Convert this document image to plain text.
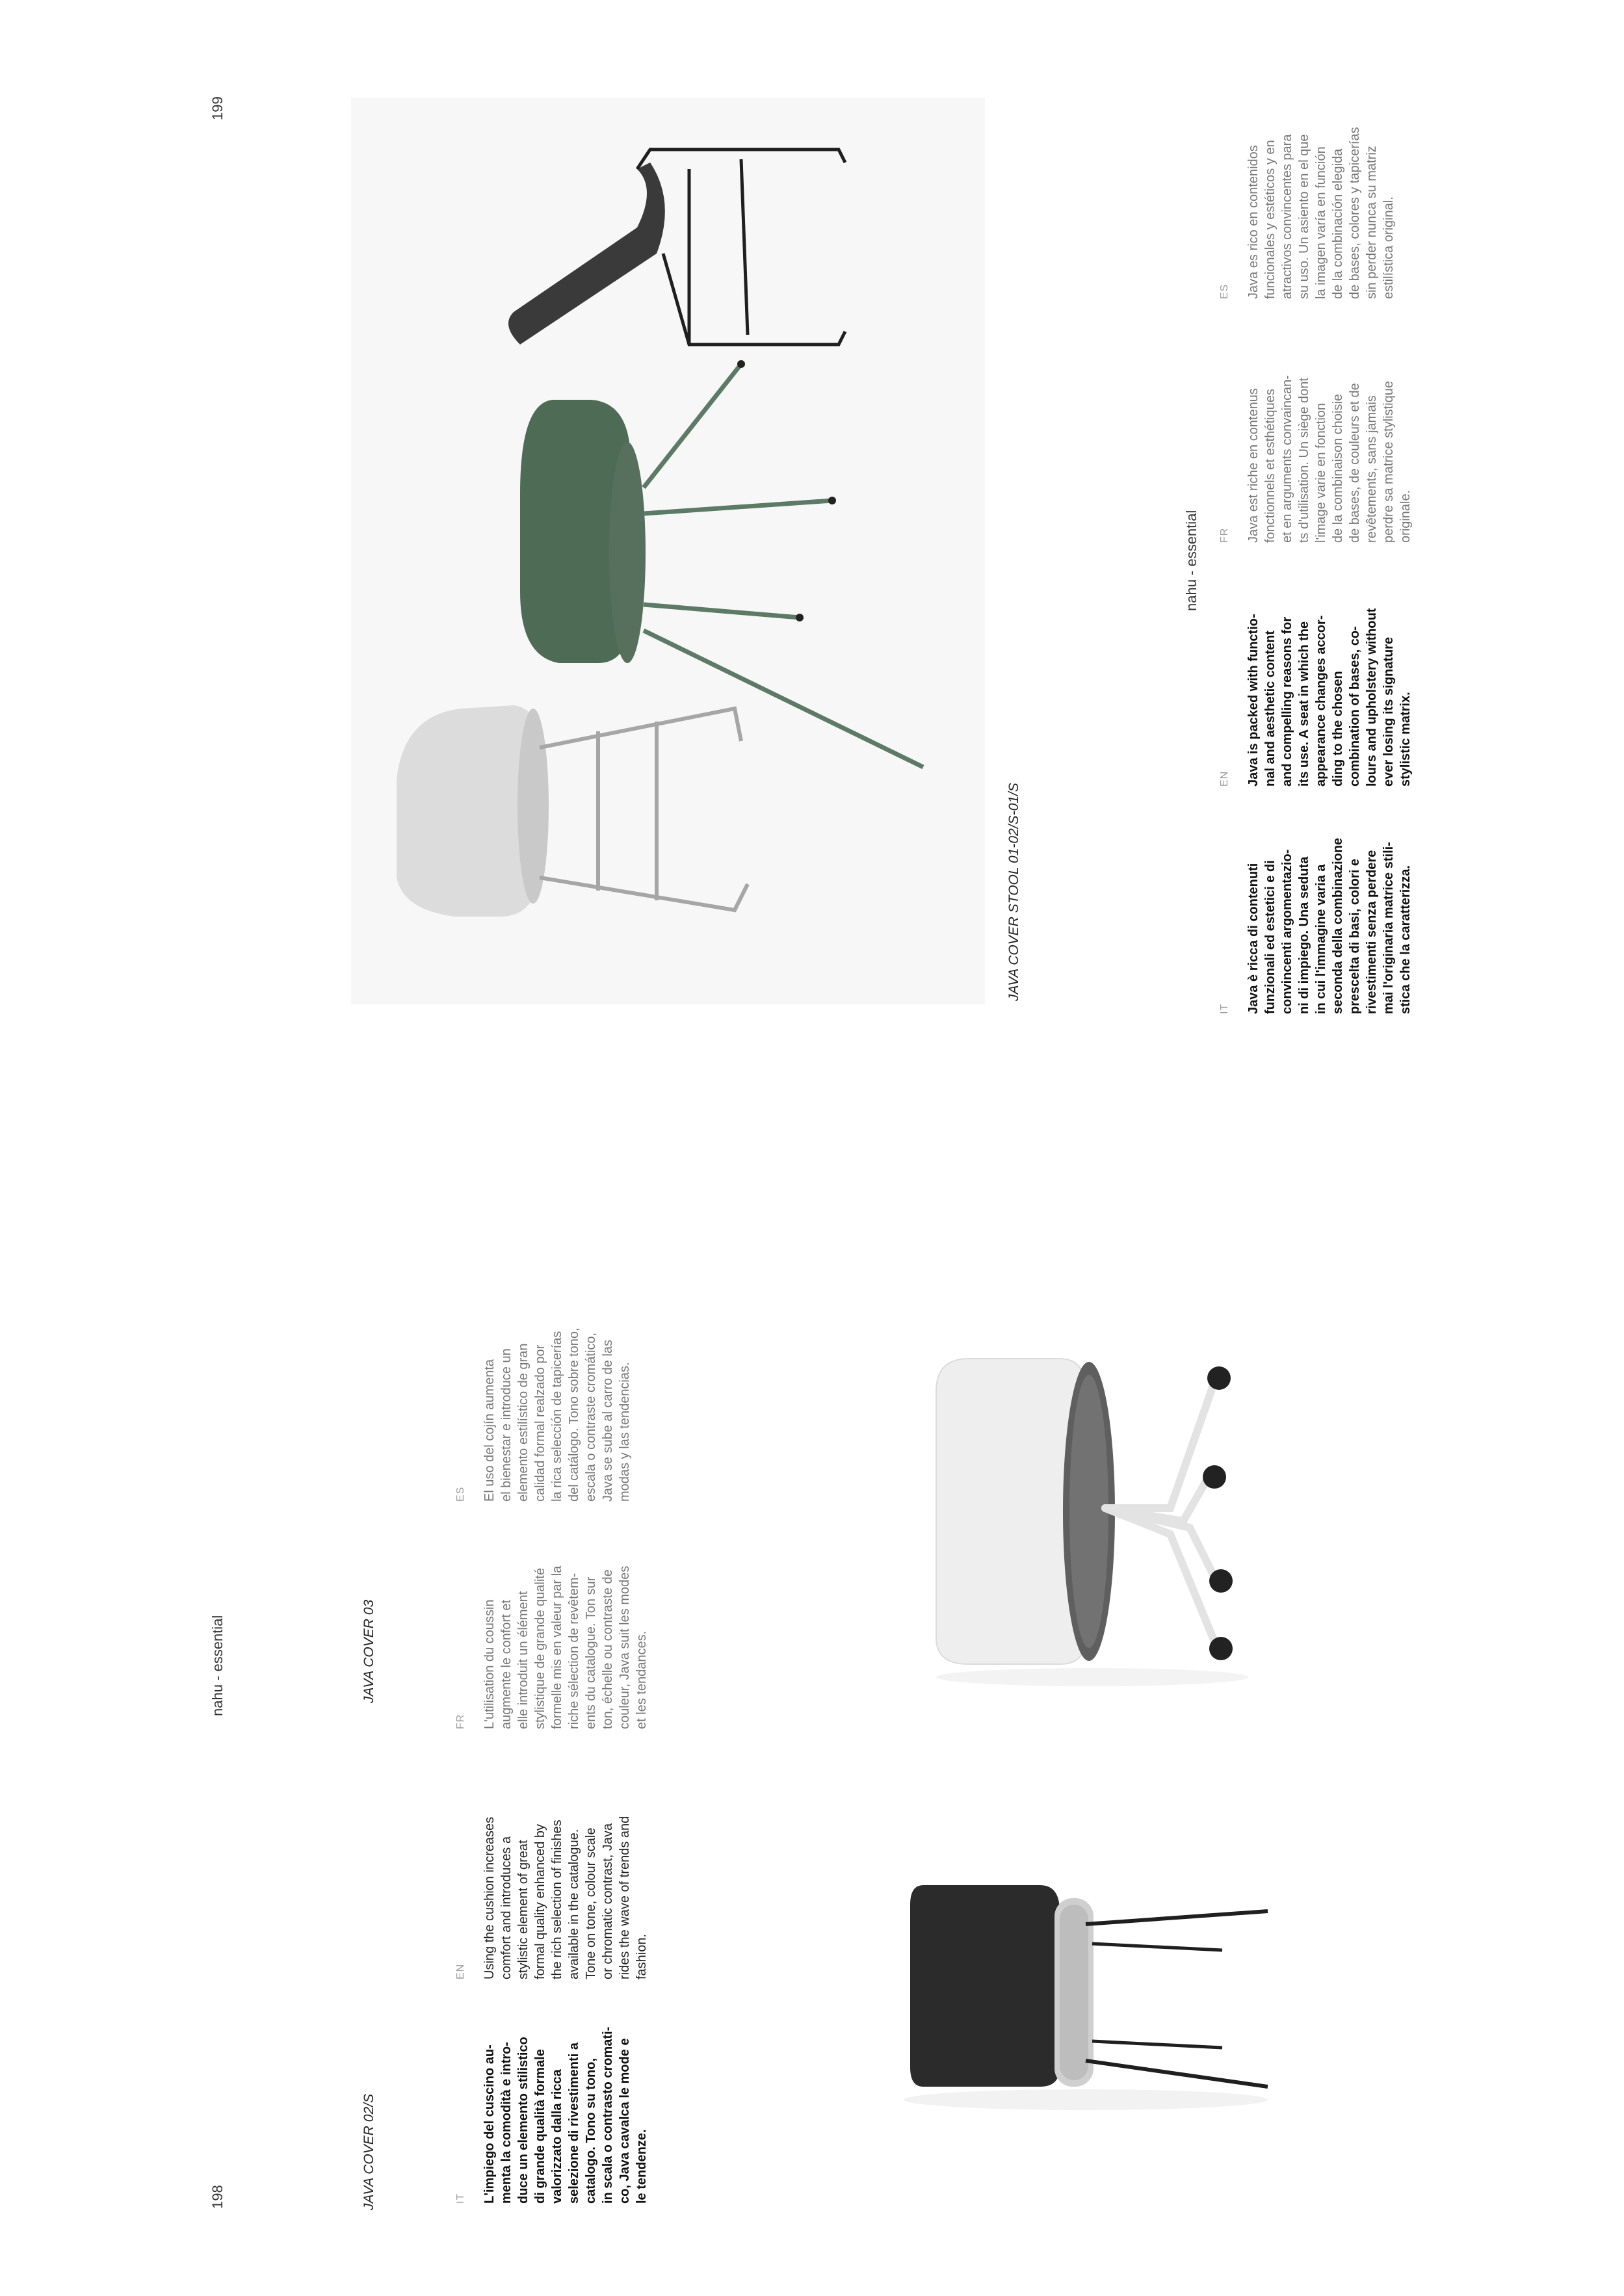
198
nahu - essential
IT L'impiego del cuscino au-
menta la comodità e intro-
duce un elemento stilistico
di grande qualità formale
valorizzato dalla ricca
selezione di rivestimenti a
catalogo. Tono su tono,
in scala o contrasto cromati-
co, Java cavalca le mode e
le tendenze.
EN Using the cushion increases
comfort and introduces a
stylistic element of great
formal quality enhanced by
the rich selection of finishes
available in the catalogue.
Tone on tone, colour scale
or chromatic contrast, Java
rides the wave of trends and
fashion.
FR L'utilisation du coussin
augmente le confort et
elle introduit un élément
stylistique de grande qualité
formelle mis en valeur par la
riche sélection de revêtem-
ents du catalogue. Ton sur
ton, échelle ou contraste de
couleur, Java suit les modes
et les tendances.
ES El uso del cojín aumenta
el bienestar e introduce un
elemento estilístico de gran
calidad formal realzado por
la rica selección de tapicerías
del catálogo. Tono sobre tono,
escala o contraste cromático,
Java se sube al carro de las
modas y las tendencias.
JAVA COVER 02/S
JAVA COVER 03
199
nahu - essential
JAVA COVER STOOL 01-02/S-01/S
IT Java è ricca di contenuti
funzionali ed estetici e di
convincenti argomentazio-
ni di impiego. Una seduta
in cui l'immagine varia a
seconda della combinazione
prescelta di basi, colori e
rivestimenti senza perdere
mai l'originaria matrice stili-
stica che la caratterizza.
EN Java is packed with functio-
nal and aesthetic content
and compelling reasons for
its use. A seat in which the
appearance changes accor-
ding to the chosen
combination of bases, co-
lours and upholstery without
ever losing its signature
stylistic matrix.
FR Java est riche en contenus
fonctionnels et esthétiques
et en arguments convaincan-
ts d'utilisation. Un siège dont
l'image varie en fonction
de la combinaison choisie
de bases, de couleurs et de
revêtements, sans jamais
perdre sa matrice stylistique
originale.
ES Java es rico en contenidos
funcionales y estéticos y en
atractivos convincentes para
su uso. Un asiento en el que
la imagen varía en función
de la combinación elegida
de bases, colores y tapicerías
sin perder nunca su matriz
estilística original.
